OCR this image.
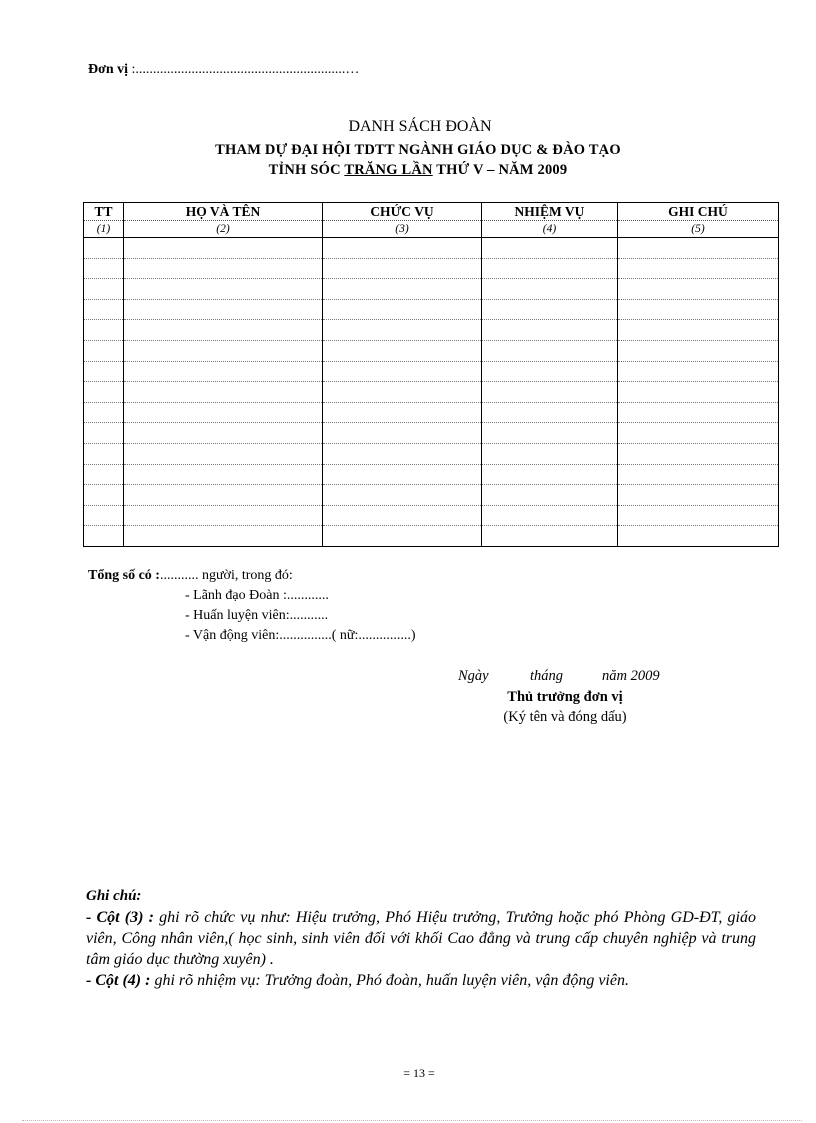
Đơn vị :............................................................…
DANH SÁCH ĐOÀN
THAM DỰ ĐẠI HỘI TDTT NGÀNH GIÁO DỤC & ĐÀO TẠO
TỈNH SÓC TRĂNG LẦN THỨ V – NĂM 2009
TT	HỌ VÀ TÊN	CHỨC VỤ	NHIỆM VỤ	GHI CHÚ
(1)	(2)	(3)	(4)	(5)

Tổng số có :........... người, trong đó:
- Lãnh đạo Đoàn :............
- Huấn luyện viên:...........
- Vận động viên:...............( nữ:...............)
Ngày	tháng	năm 2009
Thủ trưởng đơn vị
(Ký tên và đóng dấu)
Ghi chú:
- Cột (3) : ghi rõ chức vụ như: Hiệu trưởng, Phó Hiệu trưởng, Trưởng hoặc phó Phòng GD-ĐT, giáo viên, Công nhân viên,( học sinh, sinh viên đối với khối Cao đẳng và trung cấp chuyên nghiệp và trung tâm giáo dục thường xuyên) .
- Cột (4) : ghi rõ nhiệm vụ: Trưởng đoàn, Phó đoàn, huấn luyện viên, vận động viên.
= 13 =
